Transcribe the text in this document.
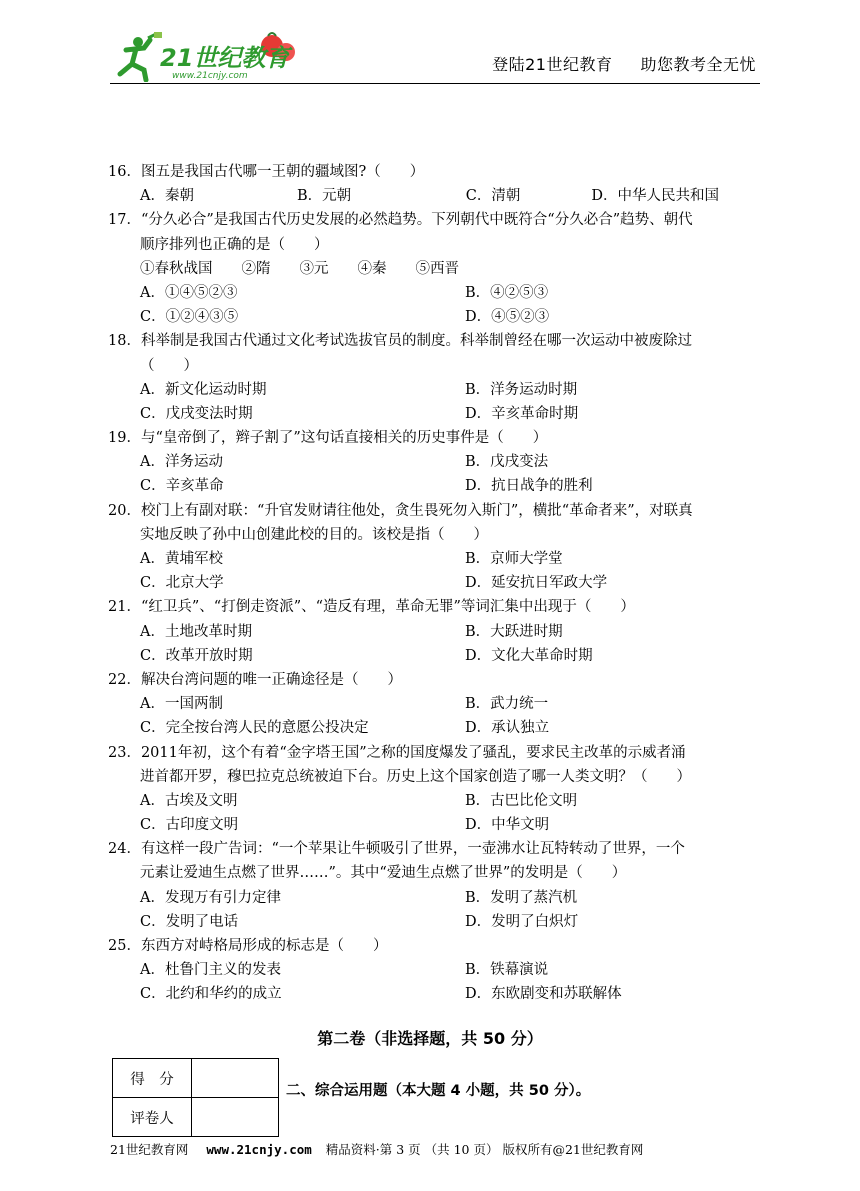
21世纪教育
www.21cnjy.com
登陆21世纪教育 助您教考全无忧
16．图五是我国古代哪一王朝的疆域图?（　　）
A．秦朝	B．元朝	C．清朝	D．中华人民共和国
17．“分久必合”是我国古代历史发展的必然趋势。下列朝代中既符合“分久必合”趋势、朝代
顺序排列也正确的是（　　）
①春秋战国　　②隋　　③元　　④秦　　⑤西晋
A．①④⑤②③	B．④②⑤③
C．①②④③⑤	D．④⑤②③
18．科举制是我国古代通过文化考试选拔官员的制度。科举制曾经在哪一次运动中被废除过
（　　）
A．新文化运动时期	B．洋务运动时期
C．戊戌变法时期	D．辛亥革命时期
19．与“皇帝倒了，辫子割了”这句话直接相关的历史事件是（　　）
A．洋务运动	B．戊戌变法
C．辛亥革命	D．抗日战争的胜利
20．校门上有副对联：“升官发财请往他处，贪生畏死勿入斯门”，横批“革命者来”，对联真
实地反映了孙中山创建此校的目的。该校是指（　　）
A．黄埔军校	B．京师大学堂
C．北京大学	D．延安抗日军政大学
21．“红卫兵”、“打倒走资派”、“造反有理，革命无罪”等词汇集中出现于（　　）
A．土地改革时期	B．大跃进时期
C．改革开放时期	D．文化大革命时期
22．解决台湾问题的唯一正确途径是（　　）
A．一国两制	B．武力统一
C．完全按台湾人民的意愿公投决定	D．承认独立
23．2011年初，这个有着“金字塔王国”之称的国度爆发了骚乱，要求民主改革的示威者涌
进首都开罗，穆巴拉克总统被迫下台。历史上这个国家创造了哪一人类文明？（　　）
A．古埃及文明	B．古巴比伦文明
C．古印度文明	D．中华文明
24．有这样一段广告词：“一个苹果让牛顿吸引了世界，一壶沸水让瓦特转动了世界，一个
元素让爱迪生点燃了世界……”。其中“爱迪生点燃了世界”的发明是（　　）
A．发现万有引力定律	B．发明了蒸汽机
C．发明了电话	D．发明了白炽灯
25．东西方对峙格局形成的标志是（　　）
A．杜鲁门主义的发表	B．铁幕演说
C．北约和华约的成立	D．东欧剧变和苏联解体
第二卷（非选择题，共 50 分）
得　分	
评卷人	
二、综合运用题（本大题 4 小题，共 50 分）。
21世纪教育网 www.21cnjy.com 精品资料·第 3 页 （共 10 页） 版权所有@21世纪教育网
